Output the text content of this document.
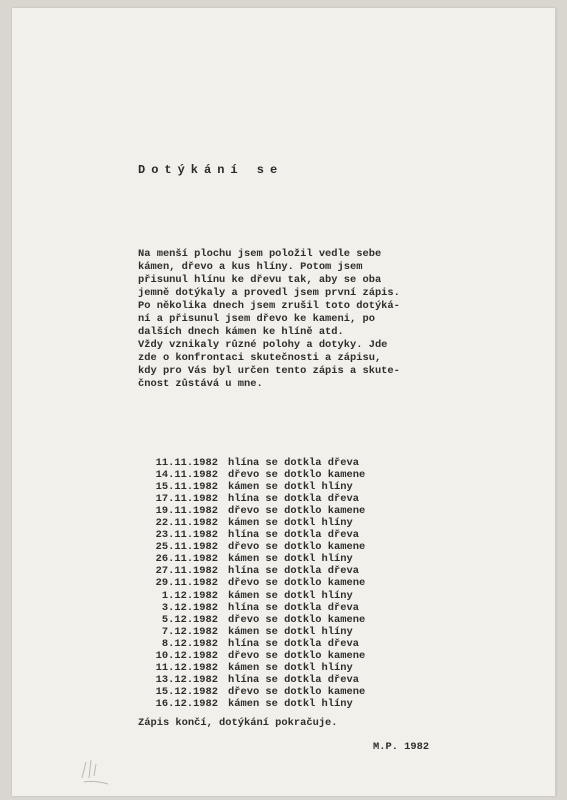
Dotýkání se
Na menší plochu jsem položil vedle sebe
kámen, dřevo a kus hlíny. Potom jsem
přisunul hlínu ke dřevu tak, aby se oba
jemně dotýkaly a provedl jsem první zápis.
Po několika dnech jsem zrušil toto dotýká-
ní a přisunul jsem dřevo ke kameni, po
dalších dnech kámen ke hlíně atd.
Vždy vznikaly různé polohy a dotyky. Jde
zde o konfrontaci skutečnosti a zápisu,
kdy pro Vás byl určen tento zápis a skute-
čnost zůstává u mne.
11.11.1982 hlína se dotkla dřeva
14.11.1982 dřevo se dotklo kamene
15.11.1982 kámen se dotkl hlíny
17.11.1982 hlína se dotkla dřeva
19.11.1982 dřevo se dotklo kamene
22.11.1982 kámen se dotkl hlíny
23.11.1982 hlína se dotkla dřeva
25.11.1982 dřevo se dotklo kamene
26.11.1982 kámen se dotkl hlíny
27.11.1982 hlína se dotkla dřeva
29.11.1982 dřevo se dotklo kamene
1.12.1982 kámen se dotkl hlíny
3.12.1982 hlína se dotkla dřeva
5.12.1982 dřevo se dotklo kamene
7.12.1982 kámen se dotkl hlíny
8.12.1982 hlína se dotkla dřeva
10.12.1982 dřevo se dotklo kamene
11.12.1982 kámen se dotkl hlíny
13.12.1982 hlína se dotkla dřeva
15.12.1982 dřevo se dotklo kamene
16.12.1982 kámen se dotkl hlíny
Zápis končí, dotýkání pokračuje.
M.P. 1982
